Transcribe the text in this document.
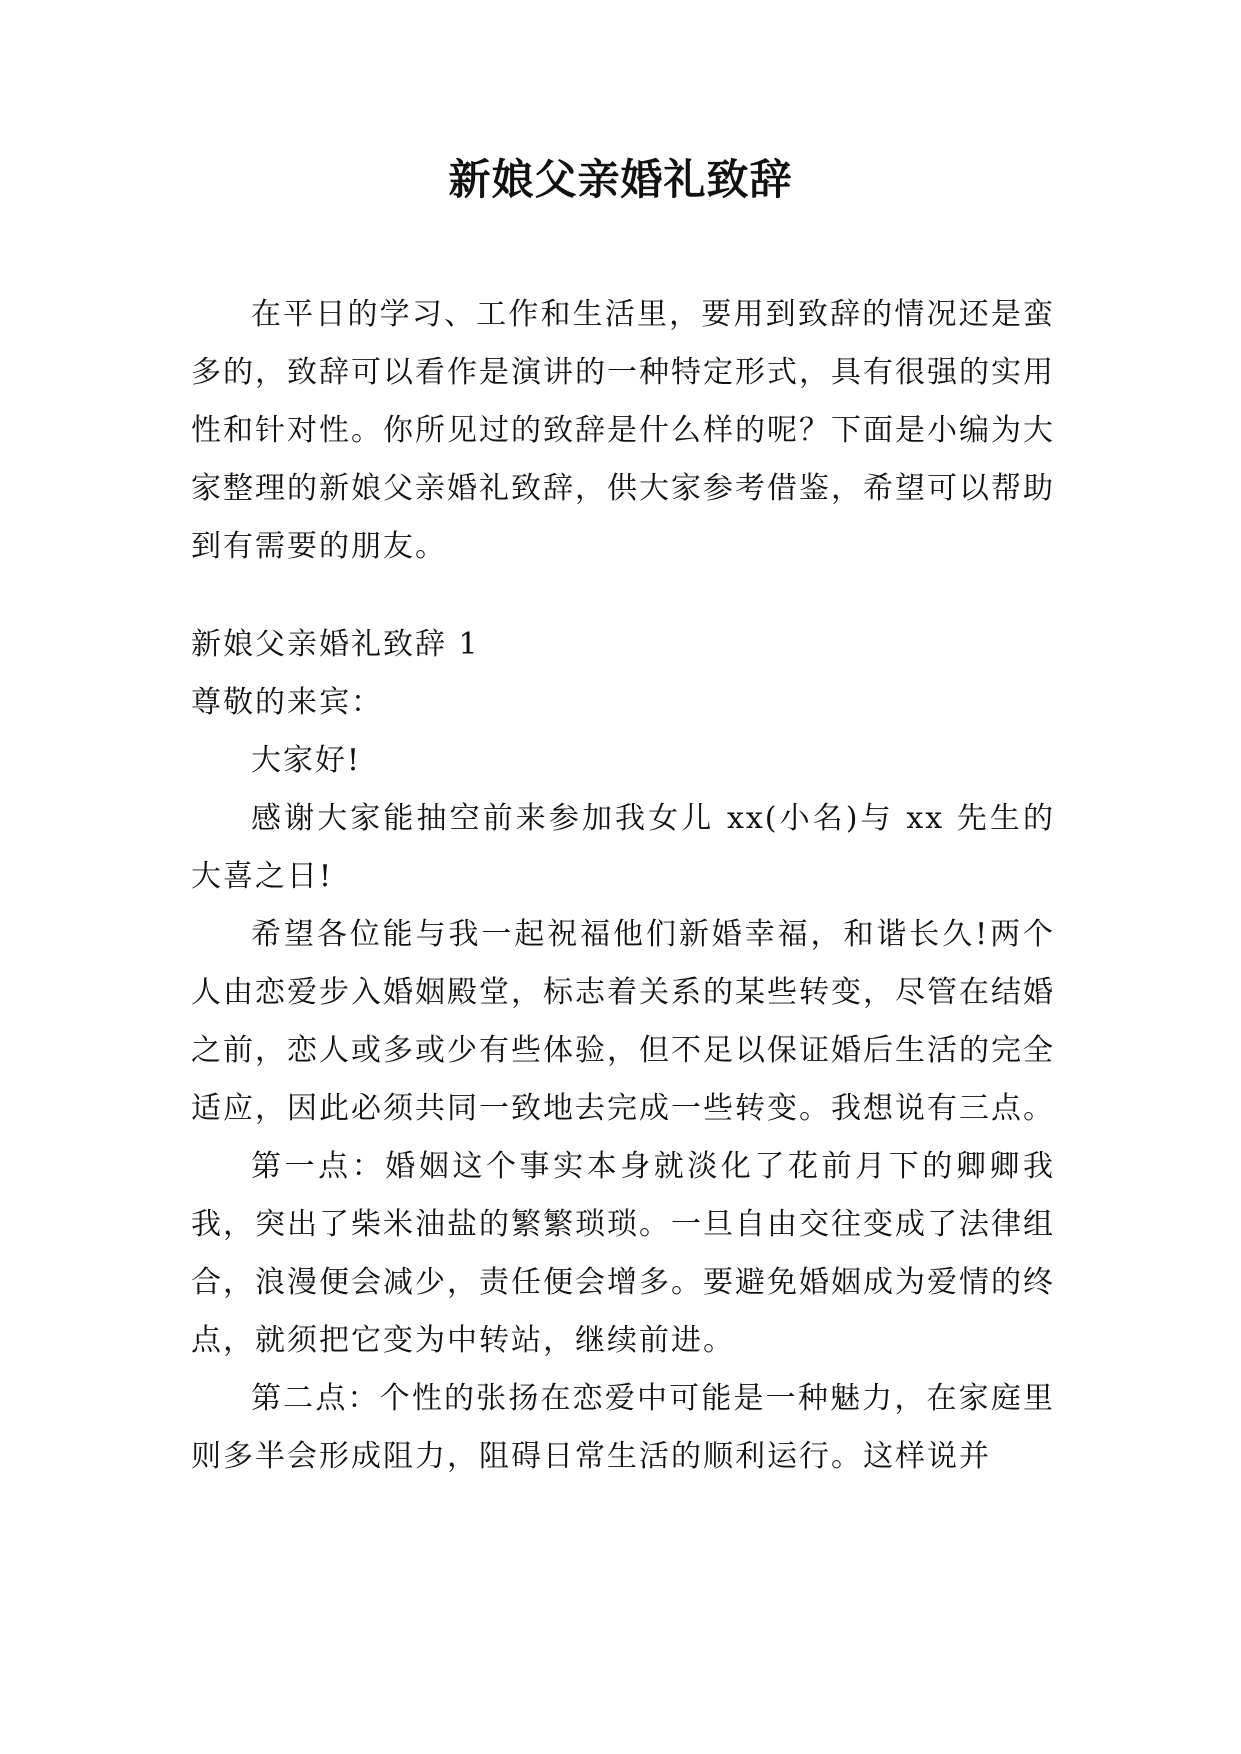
新娘父亲婚礼致辞

在平日的学习、工作和生活里，要用到致辞的情况还是蛮多的，致辞可以看作是演讲的一种特定形式，具有很强的实用性和针对性。你所见过的致辞是什么样的呢？下面是小编为大家整理的新娘父亲婚礼致辞，供大家参考借鉴，希望可以帮助到有需要的朋友。

新娘父亲婚礼致辞 1

尊敬的来宾：

大家好!

感谢大家能抽空前来参加我女儿 xx(小名)与 xx 先生的大喜之日!

希望各位能与我一起祝福他们新婚幸福，和谐长久!两个人由恋爱步入婚姻殿堂，标志着关系的某些转变，尽管在结婚之前，恋人或多或少有些体验，但不足以保证婚后生活的完全适应，因此必须共同一致地去完成一些转变。我想说有三点。

第一点：婚姻这个事实本身就淡化了花前月下的卿卿我我，突出了柴米油盐的繁繁琐琐。一旦自由交往变成了法律组合，浪漫便会减少，责任便会增多。要避免婚姻成为爱情的终点，就须把它变为中转站，继续前进。

第二点：个性的张扬在恋爱中可能是一种魅力，在家庭里则多半会形成阻力，阻碍日常生活的顺利运行。这样说并
